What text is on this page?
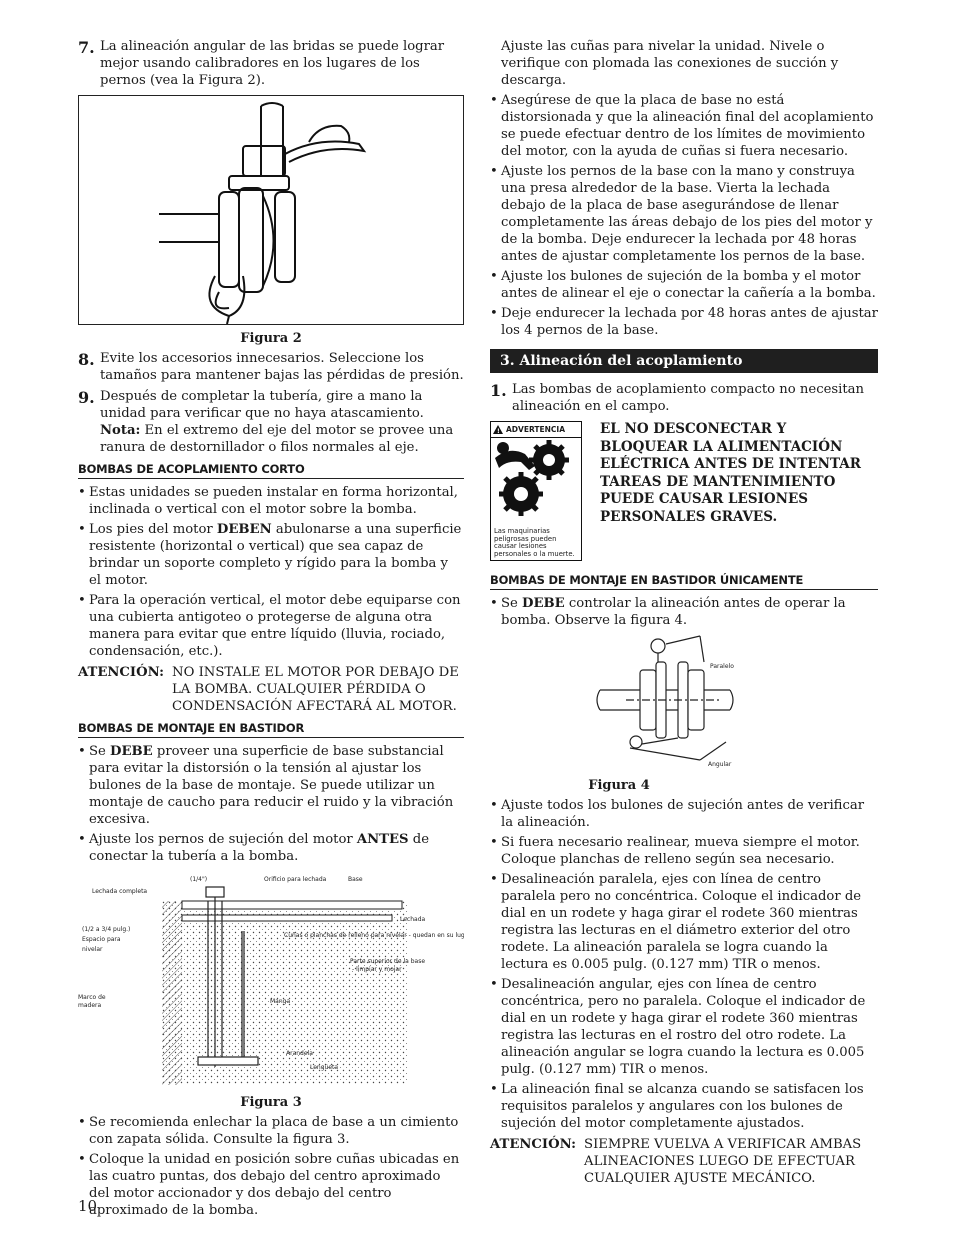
7. La alineación angular de las bridas se puede lograr mejor usando calibradores en los lugares de los pernos (vea la Figura 2).

Figura 2
8. Evite los accesorios innecesarios. Seleccione los tamaños para mantener bajas las pérdidas de presión.

9. Después de completar la tubería, gire a mano la unidad para verificar que no haya atascamiento. Nota: En el extremo del eje del motor se provee una ranura de destornillador o filos normales al eje.

BOMBAS DE ACOPLAMIENTO CORTO
• Estas unidades se pueden instalar en forma horizontal, inclinada o vertical con el motor sobre la bomba.
• Los pies del motor DEBEN abulonarse a una superficie resistente (horizontal o vertical) que sea capaz de brindar un soporte completo y rígido para la bomba y el motor.
• Para la operación vertical, el motor debe equiparse con una cubierta antigoteo o protegerse de alguna otra manera para evitar que entre líquido (lluvia, rociado, condensación, etc.).
ATENCIÓN: NO INSTALE EL MOTOR POR DEBAJO DE LA BOMBA. CUALQUIER PÉRDIDA O CONDENSACIÓN AFECTARÁ AL MOTOR.
BOMBAS DE MONTAJE EN BASTIDOR
• Se DEBE proveer una superficie de base substancial para evitar la distorsión o la tensión al ajustar los bulones de la base de montaje. Se puede utilizar un montaje de caucho para reducir el ruido y la vibración excesiva.
• Ajuste los pernos de sujeción del motor ANTES de conectar la tubería a la bomba.
Lechada completa
(1/4")	Orificio para lechada	Base
Lechada
(1/2 a 3/4 pulg.)
Espacio para
nivelar
Cuñas o planchas de relleno para nivelar - quedan en su lugar
Parte superior de la base
- limpiar y mojar
Marco de
madera
Manga
Arandela
Lengüeta
Figura 3
• Se recomienda enlechar la placa de base a un cimiento con zapata sólida. Consulte la figura 3.
• Coloque la unidad en posición sobre cuñas ubicadas en las cuatro puntas, dos debajo del centro aproximado del motor accionador y dos debajo del centro aproximado de la bomba.

Ajuste las cuñas para nivelar la unidad. Nivele o verifique con plomada las conexiones de succión y descarga.

• Asegúrese de que la placa de base no está distorsionada y que la alineación final del acoplamiento se puede efectuar dentro de los límites de movimiento del motor, con la ayuda de cuñas si fuera necesario.
• Ajuste los pernos de la base con la mano y construya una presa alrededor de la base. Vierta la lechada debajo de la placa de base asegurándose de llenar completamente las áreas debajo de los pies del motor y de la bomba. Deje endurecer la lechada por 48 horas antes de ajustar completamente los pernos de la base.
• Ajuste los bulones de sujeción de la bomba y el motor antes de alinear el eje o conectar la cañería a la bomba.
• Deje endurecer la lechada por 48 horas antes de ajustar los 4 pernos de la base.
3. Alineación del acoplamiento
1. Las bombas de acoplamiento compacto no necesitan alineación en el campo.

! ADVERTENCIA
Las maquinarias peligrosas pueden causar lesiones personales o la muerte.
EL NO DESCONECTAR Y BLOQUEAR LA ALIMENTACIÓN ELÉCTRICA ANTES DE INTENTAR TAREAS DE MANTENIMIENTO PUEDE CAUSAR LESIONES PERSONALES GRAVES.
BOMBAS DE MONTAJE EN BASTIDOR ÚNICAMENTE
• Se DEBE controlar la alineación antes de operar la bomba. Observe la figura 4.
Paralelo
Angular
Figura 4
• Ajuste todos los bulones de sujeción antes de verificar la alineación.
• Si fuera necesario realinear, mueva siempre el motor. Coloque planchas de relleno según sea necesario.
• Desalineación paralela, ejes con línea de centro paralela pero no concéntrica. Coloque el indicador de dial en un rodete y haga girar el rodete 360 mientras registra las lecturas en el diámetro exterior del otro rodete. La alineación paralela se logra cuando la lectura es 0.005 pulg. (0.127 mm) TIR o menos.
• Desalineación angular, ejes con línea de centro concéntrica, pero no paralela. Coloque el indicador de dial en un rodete y haga girar el rodete 360 mientras registra las lecturas en el rostro del otro rodete. La alineación angular se logra cuando la lectura es 0.005 pulg. (0.127 mm) TIR o menos.
• La alineación final se alcanza cuando se satisfacen los requisitos paralelos y angulares con los bulones de sujeción del motor completamente ajustados.
ATENCIÓN: SIEMPRE VUELVA A VERIFICAR AMBAS ALINEACIONES LUEGO DE EFECTUAR CUALQUIER AJUSTE MECÁNICO.
10
